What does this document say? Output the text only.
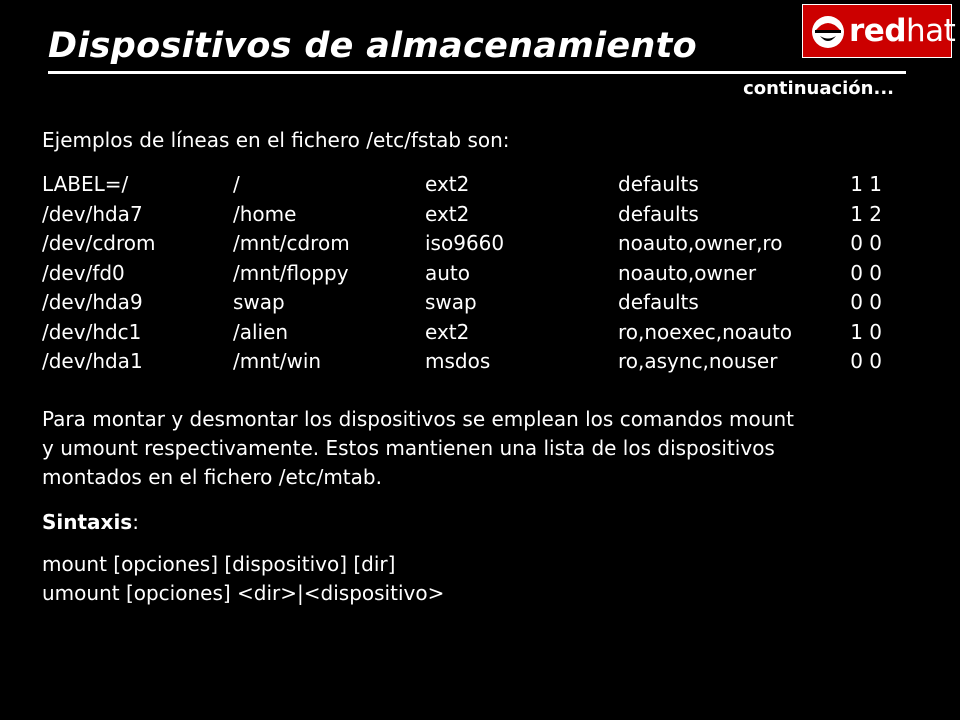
Dispositivos de almacenamiento
continuación...
redhat
Ejemplos de líneas en el fichero /etc/fstab son:
LABEL=/	/	ext2	defaults	1 1
/dev/hda7	/home	ext2	defaults	1 2
/dev/cdrom	/mnt/cdrom	iso9660	noauto,owner,ro	0 0
/dev/fd0	/mnt/floppy	auto	noauto,owner	0 0
/dev/hda9	swap	swap	defaults	0 0
/dev/hdc1	/alien	ext2	ro,noexec,noauto	1 0
/dev/hda1	/mnt/win	msdos	ro,async,nouser	0 0
Para montar y desmontar los dispositivos se emplean los comandos mount
y umount respectivamente. Estos mantienen una lista de los dispositivos
montados en el fichero /etc/mtab.
Sintaxis:
mount [opciones] [dispositivo] [dir]
umount [opciones] <dir>|<dispositivo>
